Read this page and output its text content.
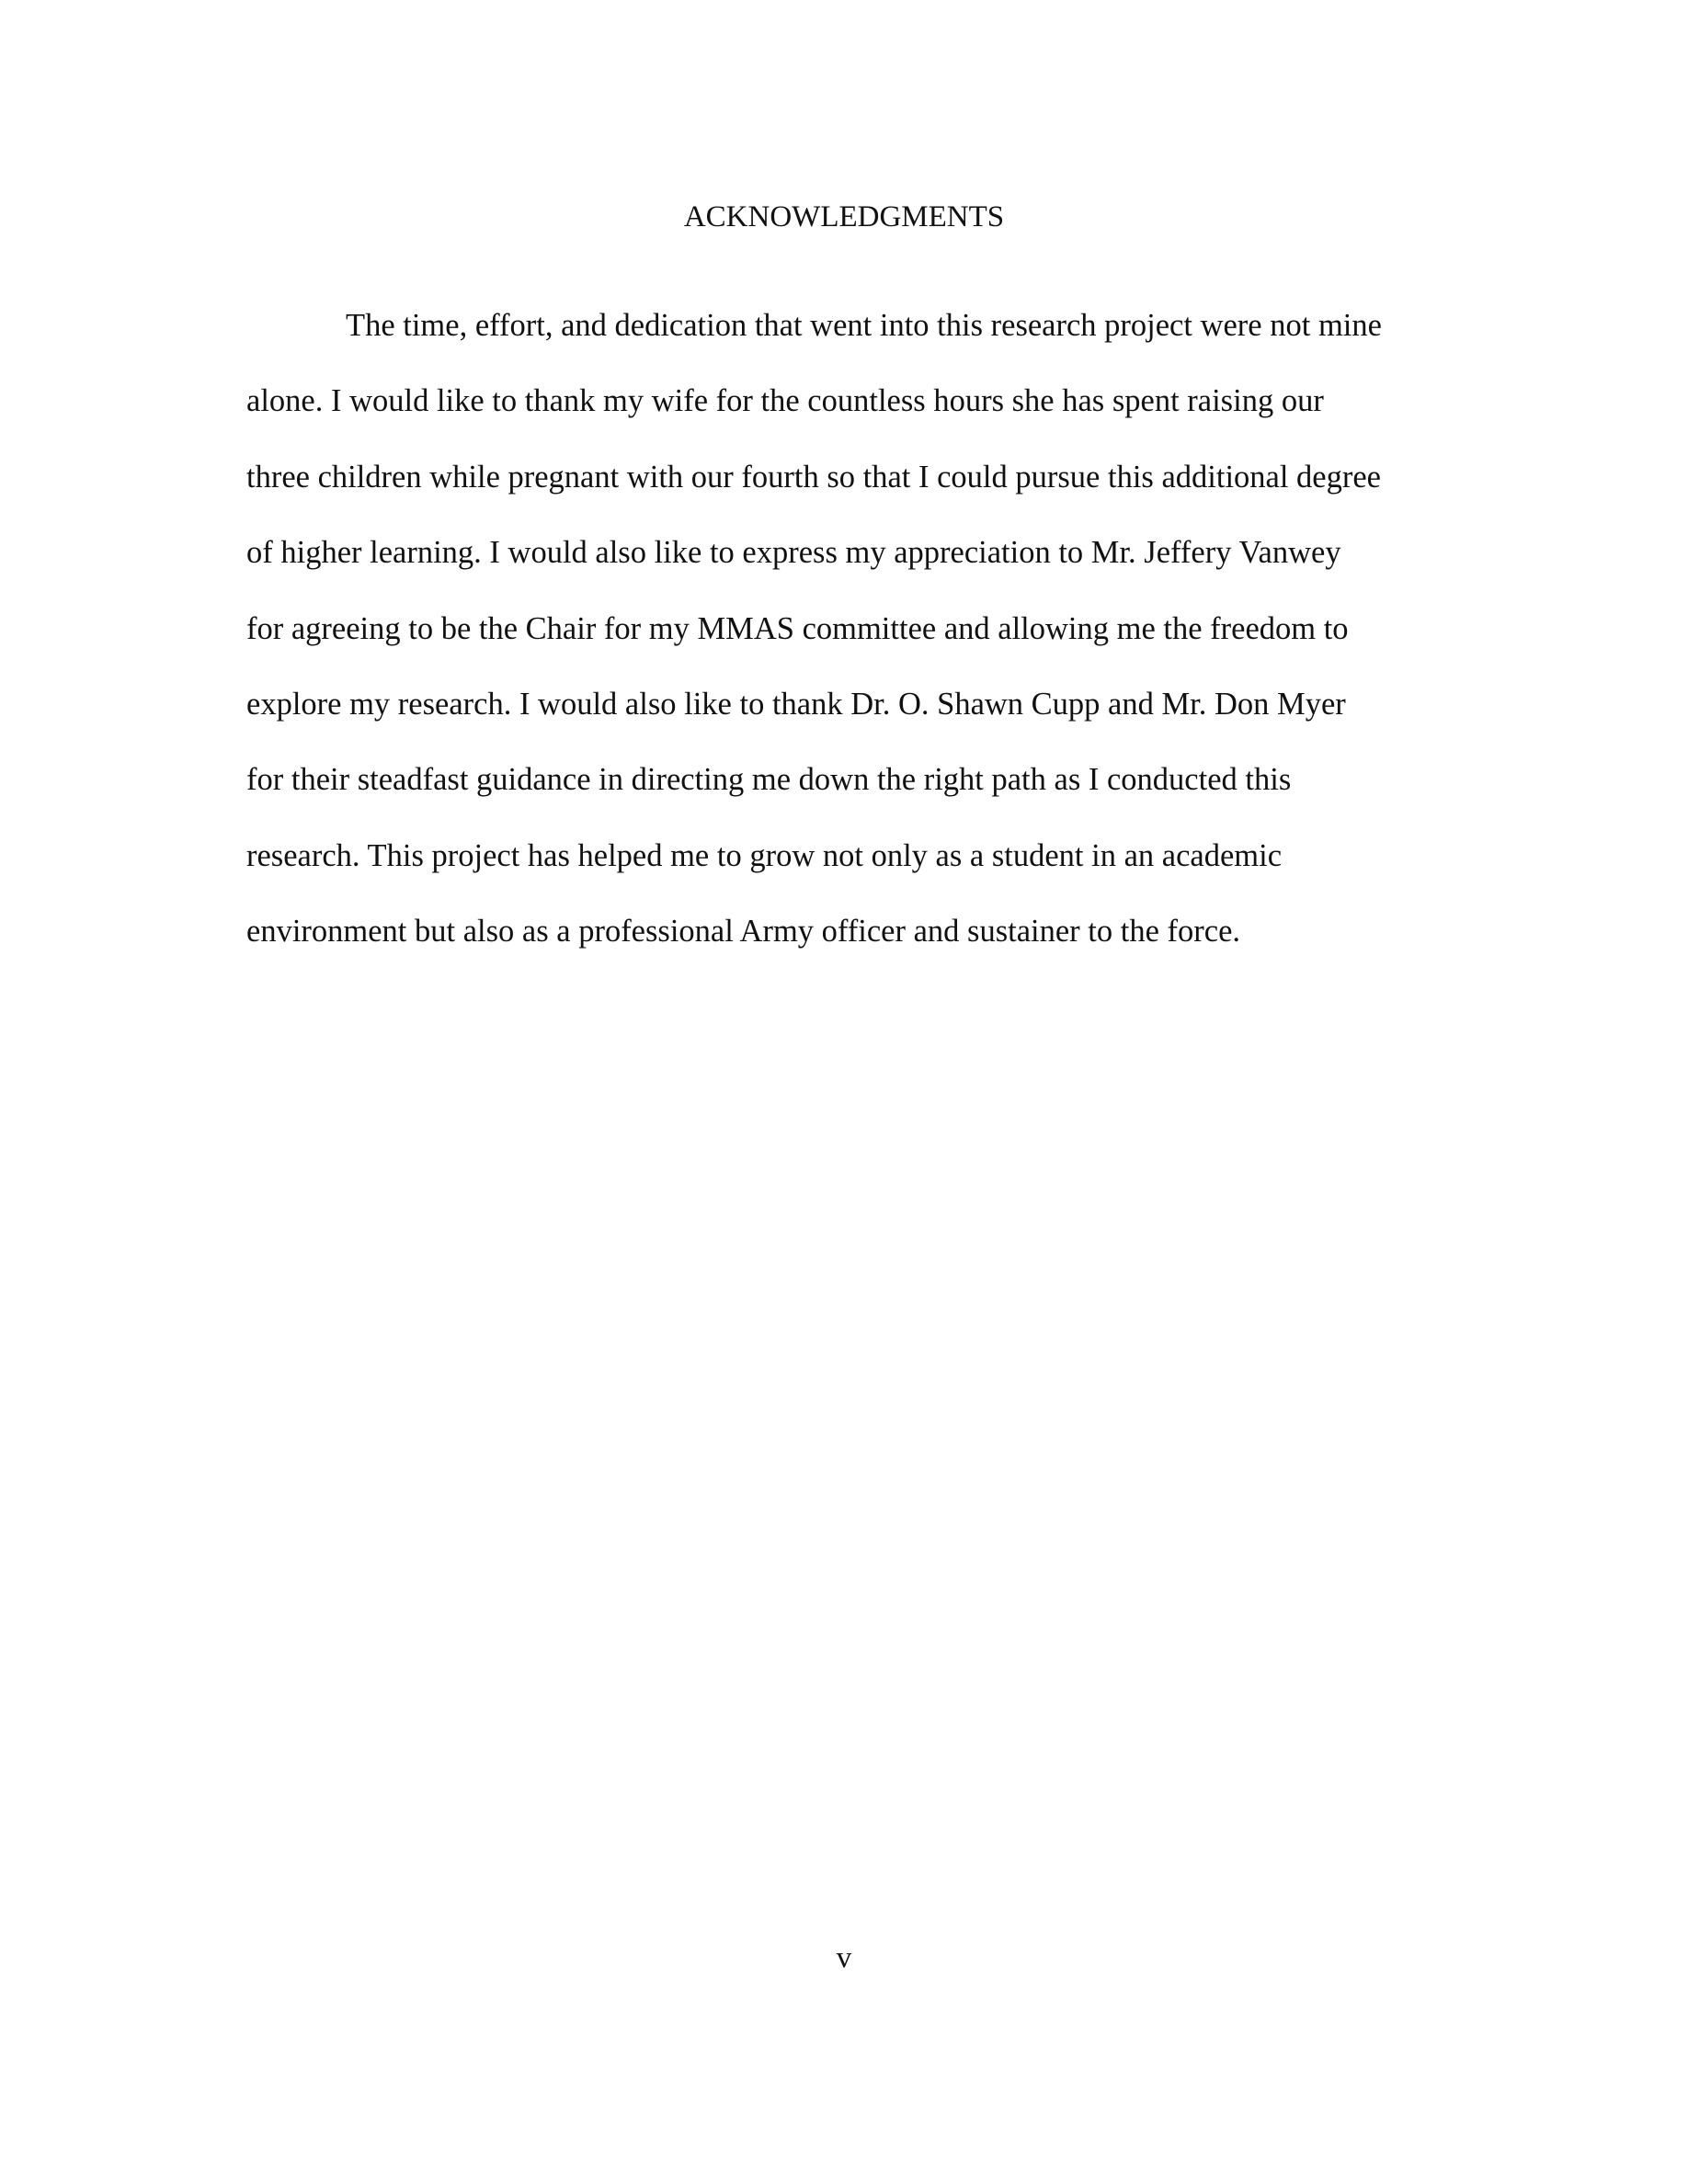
ACKNOWLEDGMENTS
The time, effort, and dedication that went into this research project were not mine
alone. I would like to thank my wife for the countless hours she has spent raising our
three children while pregnant with our fourth so that I could pursue this additional degree
of higher learning. I would also like to express my appreciation to Mr. Jeffery Vanwey
for agreeing to be the Chair for my MMAS committee and allowing me the freedom to
explore my research. I would also like to thank Dr. O. Shawn Cupp and Mr. Don Myer
for their steadfast guidance in directing me down the right path as I conducted this
research. This project has helped me to grow not only as a student in an academic
environment but also as a professional Army officer and sustainer to the force.
v
